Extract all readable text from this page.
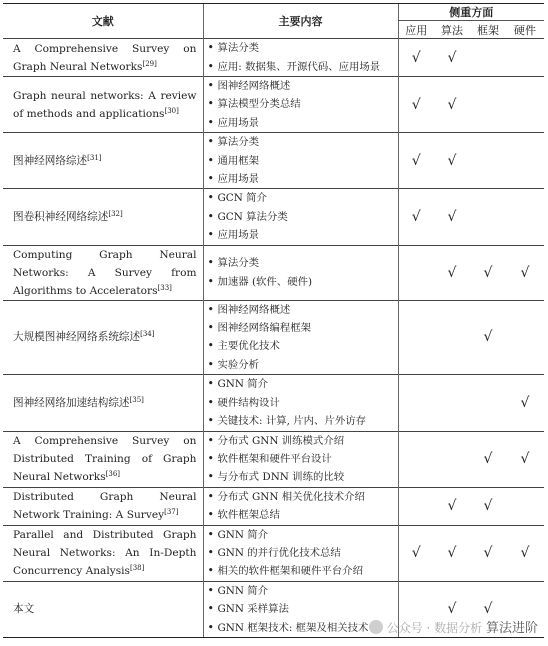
文献	主要内容	侧重方面			
		应用	算法	框架	硬件
A Comprehensive Survey on Graph Neural Networks[29]	• 算法分类
• 应用: 数据集、开源代码、应用场景	√	√		
Graph neural networks: A review of methods and applications[30]	• 图神经网络概述
• 算法模型分类总结
• 应用场景	√	√		
图神经网络综述[31]	• 算法分类
• 通用框架
• 应用场景	√	√		
图卷积神经网络综述[32]	• GCN 简介
• GCN 算法分类
• 应用场景	√	√		
Computing Graph Neural Networks: A Survey from Algorithms to Accelerators[33]	• 算法分类
• 加速器 (软件、硬件)		√	√	√
大规模图神经网络系统综述[34]	• 图神经网络概述
• 图神经网络编程框架
• 主要优化技术
• 实验分析			√	
图神经网络加速结构综述[35]	• GNN 简介
• 硬件结构设计
• 关键技术: 计算, 片内、片外访存				√
A Comprehensive Survey on Distributed Training of Graph Neural Networks[36]	• 分布式 GNN 训练模式介绍
• 软件框架和硬件平台设计
• 与分布式 DNN 训练的比较			√	√
Distributed Graph Neural Network Training: A Survey[37]	• 分布式 GNN 相关优化技术介绍
• 软件框架总结		√	√	
Parallel and Distributed Graph Neural Networks: An In-Depth Concurrency Analysis[38]	• GNN 简介
• GNN 的并行优化技术总结
• 相关的软件框架和硬件平台介绍	√	√	√	√
本文	• GNN 简介
• GNN 采样算法
• GNN 框架技术: 框架及相关技术		√	√	
公众号 · 数据分析 算法进阶
